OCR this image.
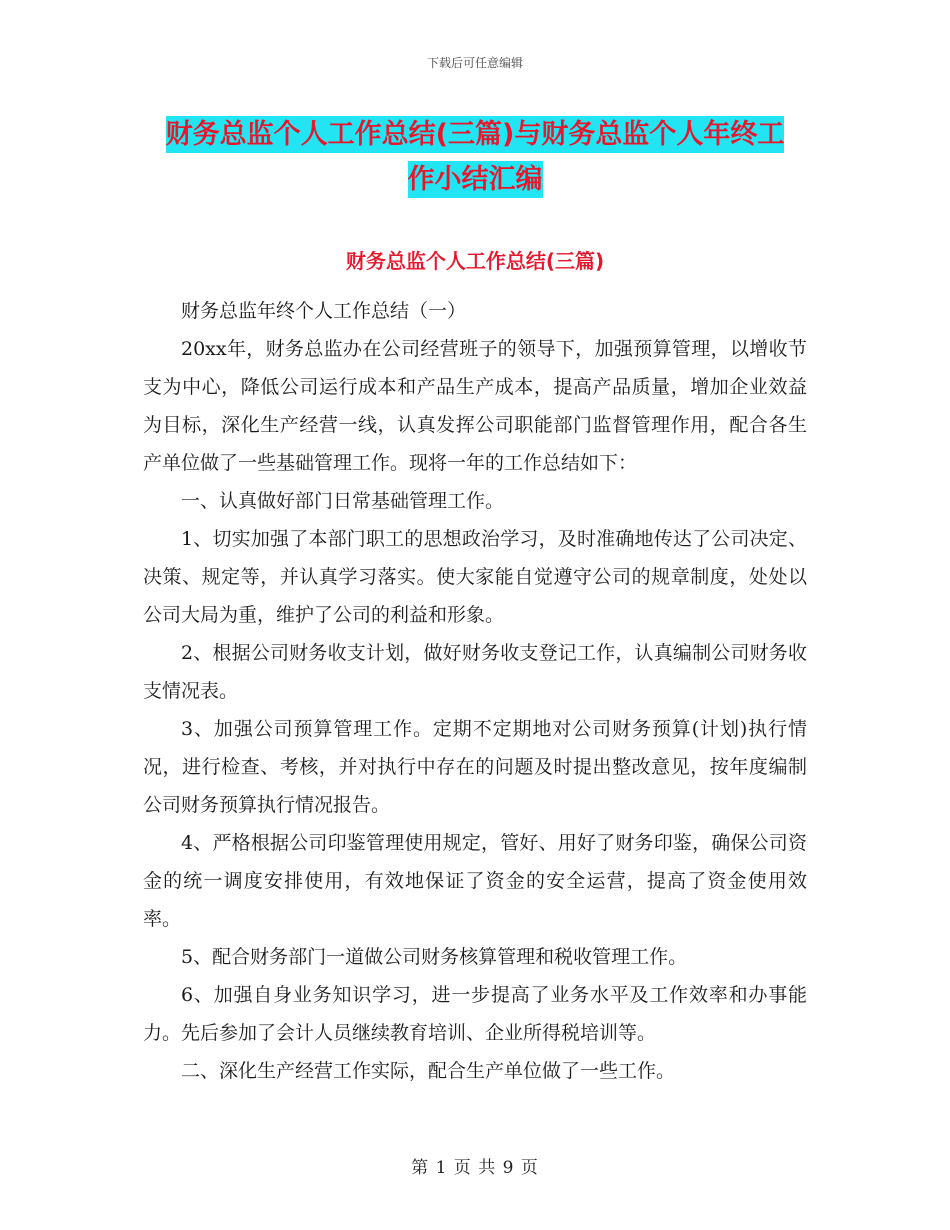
下载后可任意编辑
财务总监个人工作总结(三篇)与财务总监个人年终工
作小结汇编
财务总监个人工作总结(三篇)

财务总监年终个人工作总结（一）

20xx年，财务总监办在公司经营班子的领导下，加强预算管理，以增收节支为中心，降低公司运行成本和产品生产成本，提高产品质量，增加企业效益为目标，深化生产经营一线，认真发挥公司职能部门监督管理作用，配合各生产单位做了一些基础管理工作。现将一年的工作总结如下：

一、认真做好部门日常基础管理工作。

1、切实加强了本部门职工的思想政治学习，及时准确地传达了公司决定、决策、规定等，并认真学习落实。使大家能自觉遵守公司的规章制度，处处以公司大局为重，维护了公司的利益和形象。

2、根据公司财务收支计划，做好财务收支登记工作，认真编制公司财务收支情况表。

3、加强公司预算管理工作。定期不定期地对公司财务预算(计划)执行情况，进行检查、考核，并对执行中存在的问题及时提出整改意见，按年度编制公司财务预算执行情况报告。

4、严格根据公司印鉴管理使用规定，管好、用好了财务印鉴，确保公司资金的统一调度安排使用，有效地保证了资金的安全运营，提高了资金使用效率。

5、配合财务部门一道做公司财务核算管理和税收管理工作。

6、加强自身业务知识学习，进一步提高了业务水平及工作效率和办事能力。先后参加了会计人员继续教育培训、企业所得税培训等。

二、深化生产经营工作实际，配合生产单位做了一些工作。

第 1 页 共 9 页
